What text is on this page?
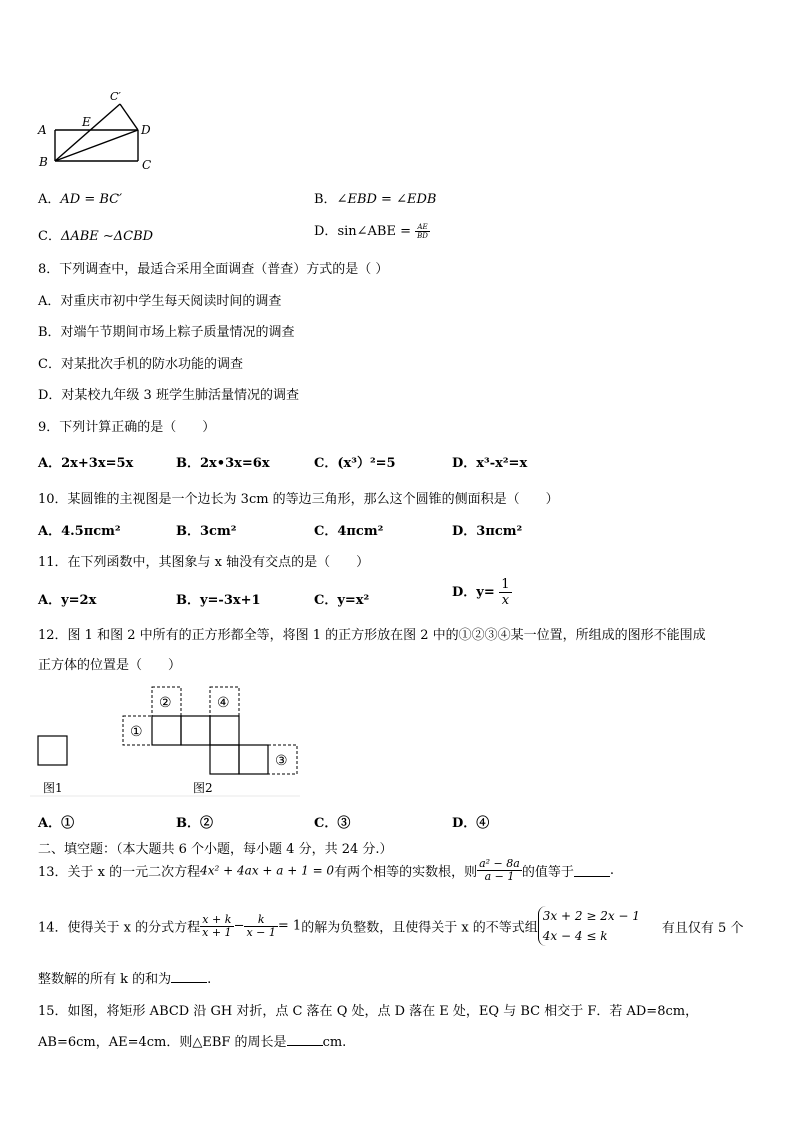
C′
E
A	D
B	C
A．AD = BC′	B．∠EBD = ∠EDB
C．ΔABE ∼ΔCBD	D．sin∠ABE = $\frac{AE}{BD}$
8．下列调查中，最适合采用全面调查（普查）方式的是（ ）
A．对重庆市初中学生每天阅读时间的调查
B．对端午节期间市场上粽子质量情况的调查
C．对某批次手机的防水功能的调查
D．对某校九年级 3 班学生肺活量情况的调查
9．下列计算正确的是（　　）
A．2x+3x=5x	B．2x•3x=6x	C．(x³）²=5	D．x³-x²=x
10．某圆锥的主视图是一个边长为 3cm 的等边三角形，那么这个圆锥的侧面积是（　　）
A．4.5πcm²	B．3cm²	C．4πcm²	D．3πcm²
11．在下列函数中，其图象与 x 轴没有交点的是（　　）
A．y=2x	B．y=-3x+1	C．y=x²
D．$y= \frac{1}{x}$
12．图 1 和图 2 中所有的正方形都全等，将图 1 的正方形放在图 2 中的①②③④某一位置，所组成的图形不能围成
正方体的位置是（　　）
图1
①
②	④
③
图2
A．①	B．②	C．③	D．④
二、填空题：（本大题共 6 个小题，每小题 4 分，共 24 分.）
13．关于 x 的一元二次方程4x² + 4ax + a + 1 = 0有两个相等的实数根，则 $\frac{\text{a² − 8a}}{a - 1}$ 的值等于	.
14．使得关于 x 的分式方程 $\frac{x + k}{x + 1} - \frac{k}{x - 1} = 1$的解为负整数，且使得关于 x 的不等式组3x + 2 ≥ 2x − 1
4x − 4 ≤ k有且仅有 5 个
整数解的所有 k 的和为	.
15．如图，将矩形 ABCD 沿 GH 对折，点 C 落在 Q 处，点 D 落在 E 处，EQ 与 BC 相交于 F．若 AD=8cm，
AB=6cm，AE=4cm．则△EBF 的周长是	cm.
